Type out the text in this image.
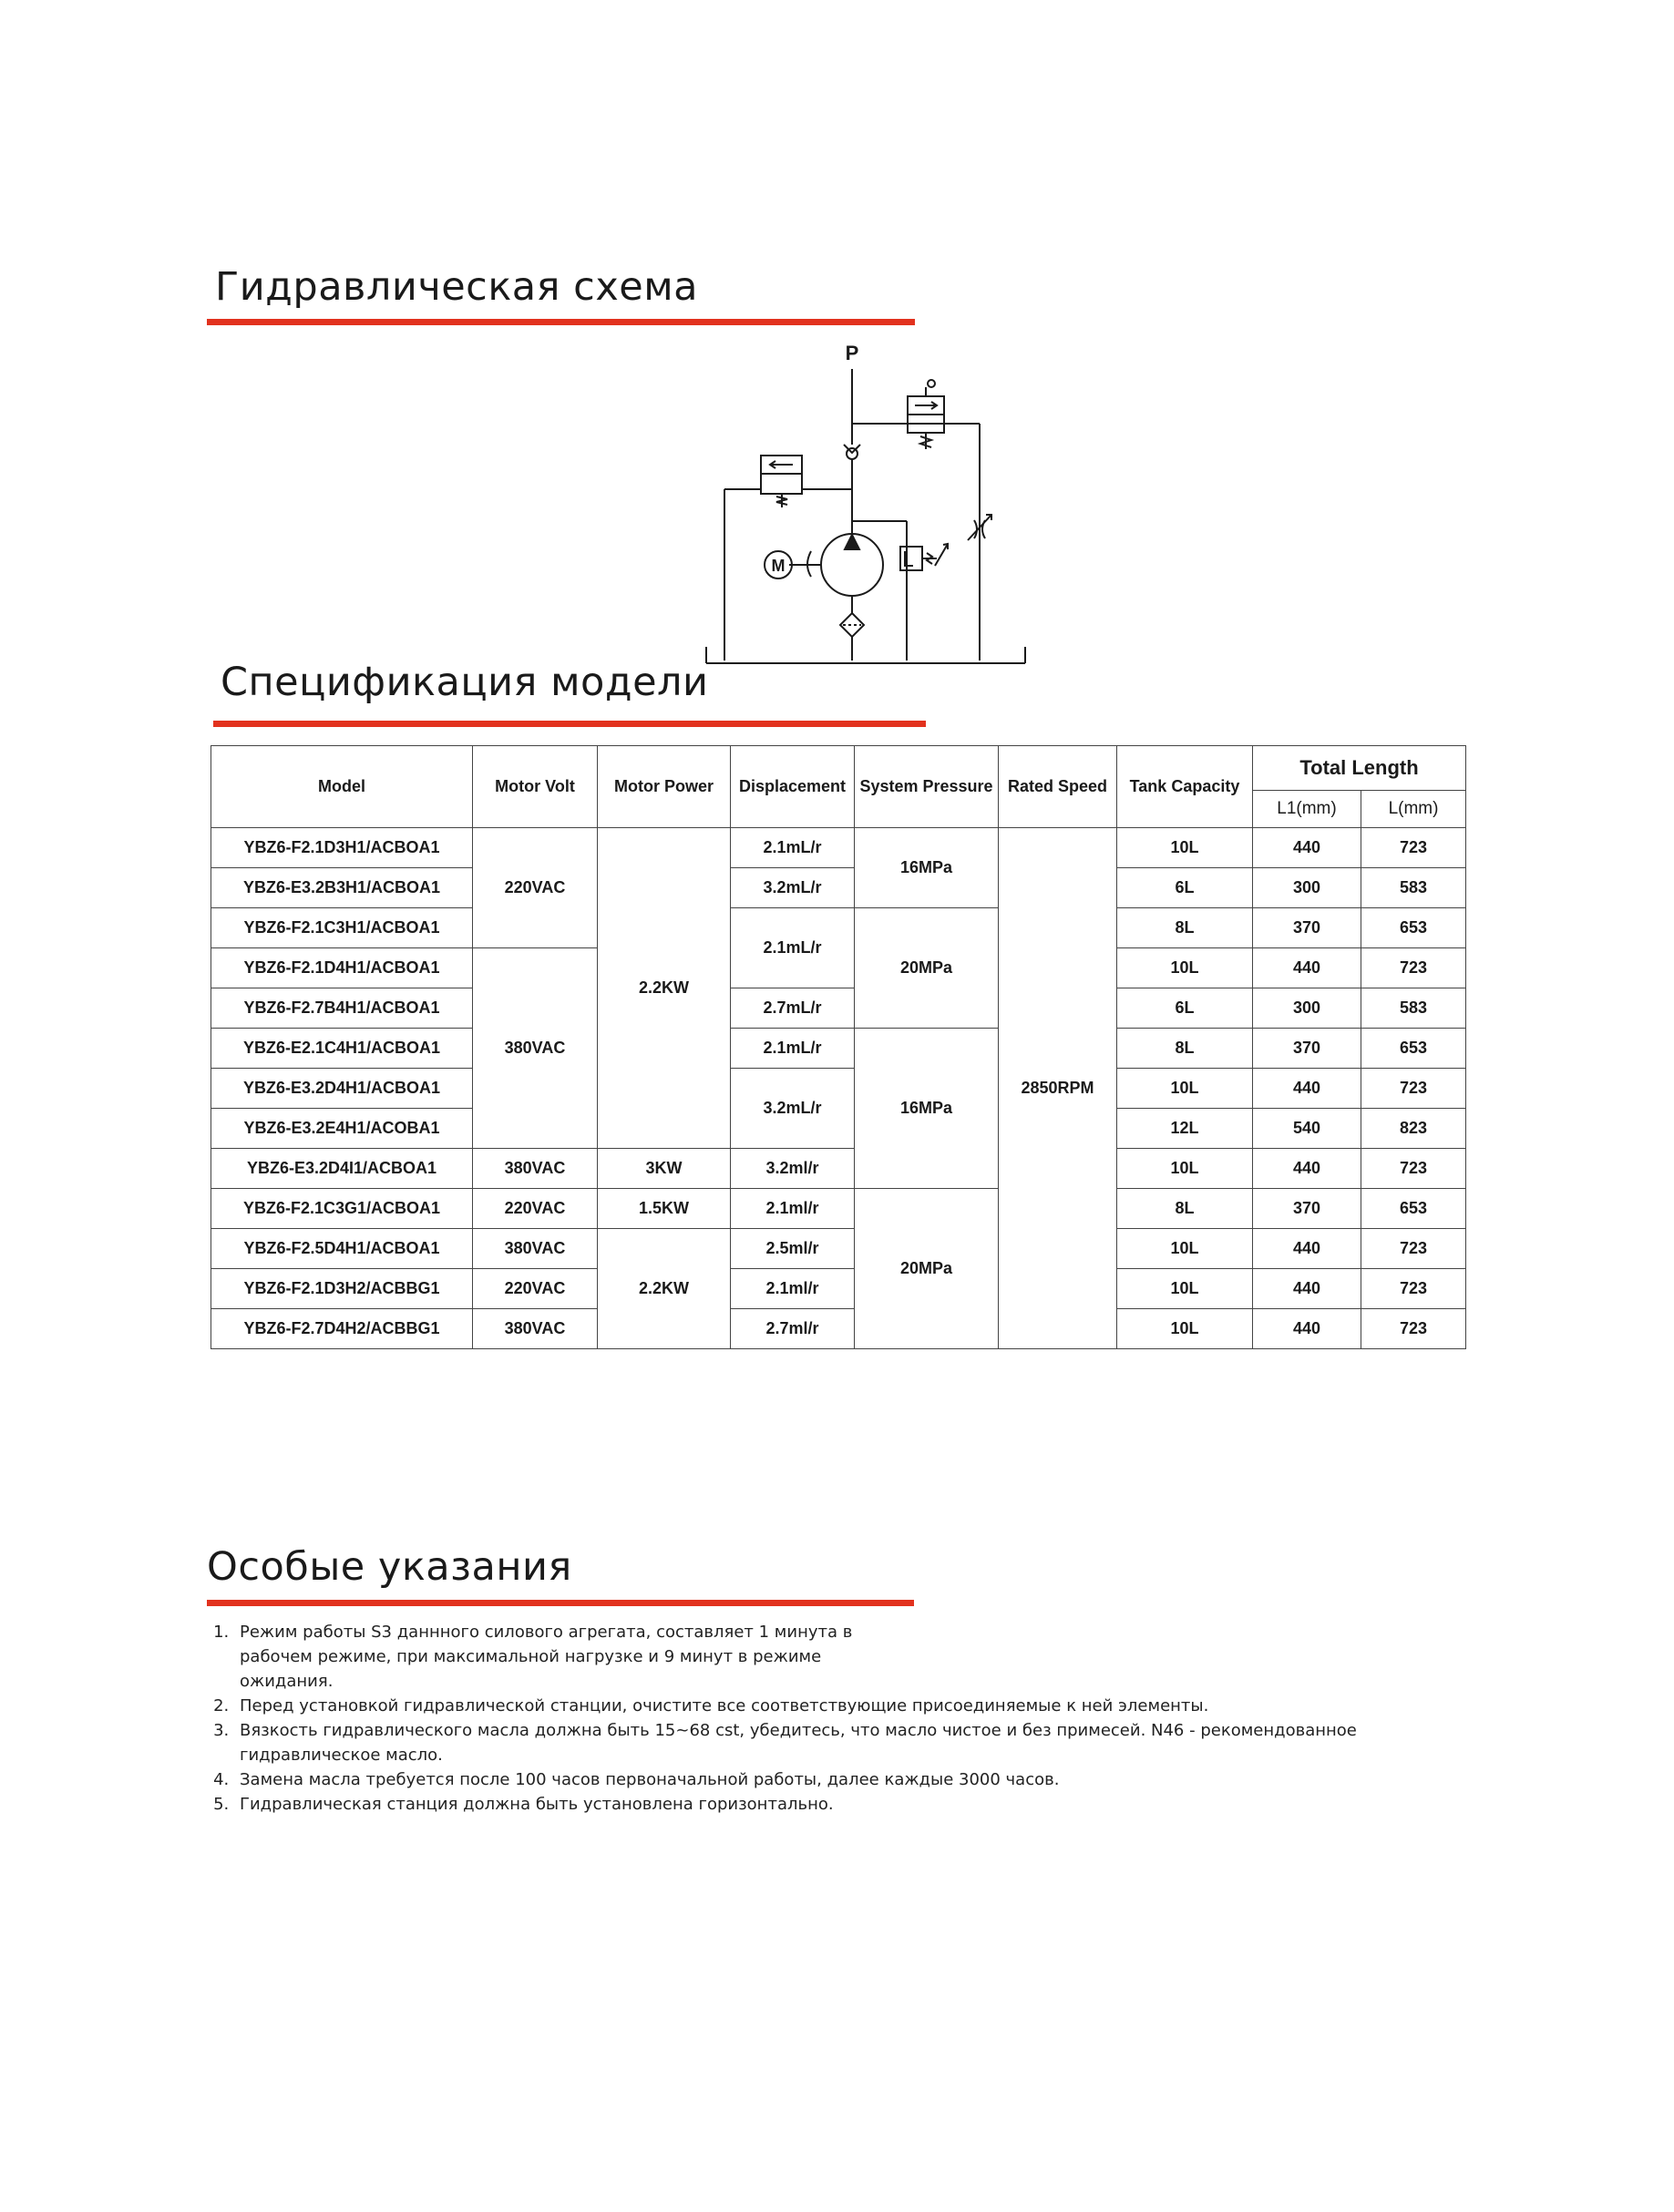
Гидравлическая схема
P
M
Спецификация модели
Model	Motor Volt	Motor Power	Displacement	System Pressure	Rated Speed	Tank Capacity	Total Length	
							L1(mm)	L(mm)
YBZ6-F2.1D3H1/ACBOA1	220VAC	2.2KW	2.1mL/r	16MPa	2850RPM	10L	440	723
YBZ6-E3.2B3H1/ACBOA1			3.2mL/r			6L	300	583
YBZ6-F2.1C3H1/ACBOA1			2.1mL/r	20MPa		8L	370	653
YBZ6-F2.1D4H1/ACBOA1	380VAC					10L	440	723
YBZ6-F2.7B4H1/ACBOA1			2.7mL/r			6L	300	583
YBZ6-E2.1C4H1/ACBOA1			2.1mL/r	16MPa		8L	370	653
YBZ6-E3.2D4H1/ACBOA1			3.2mL/r			10L	440	723
YBZ6-E3.2E4H1/ACOBA1						12L	540	823
YBZ6-E3.2D4I1/ACBOA1	380VAC	3KW	3.2ml/r			10L	440	723
YBZ6-F2.1C3G1/ACBOA1	220VAC	1.5KW	2.1ml/r	20MPa		8L	370	653
YBZ6-F2.5D4H1/ACBOA1	380VAC	2.2KW	2.5ml/r			10L	440	723
YBZ6-F2.1D3H2/ACBBG1	220VAC		2.1ml/r			10L	440	723
YBZ6-F2.7D4H2/ACBBG1	380VAC		2.7ml/r			10L	440	723
Особые указания
1. Режим работы S3 даннного силового агрегата, составляет 1 минута в рабочем режиме, при максимальной нагрузке и 9 минут в режиме ожидания.
2. Перед установкой гидравлической станции, очистите все соответствующие присоединяемые к ней элементы.
3. Вязкость гидравлического масла должна быть 15~68 cst, убедитесь, что масло чистое и без примесей. N46 - рекомендованное гидравлическое масло.
4. Замена масла требуется после 100 часов первоначальной работы, далее каждые 3000 часов.
5. Гидравлическая станция должна быть установлена горизонтально.
